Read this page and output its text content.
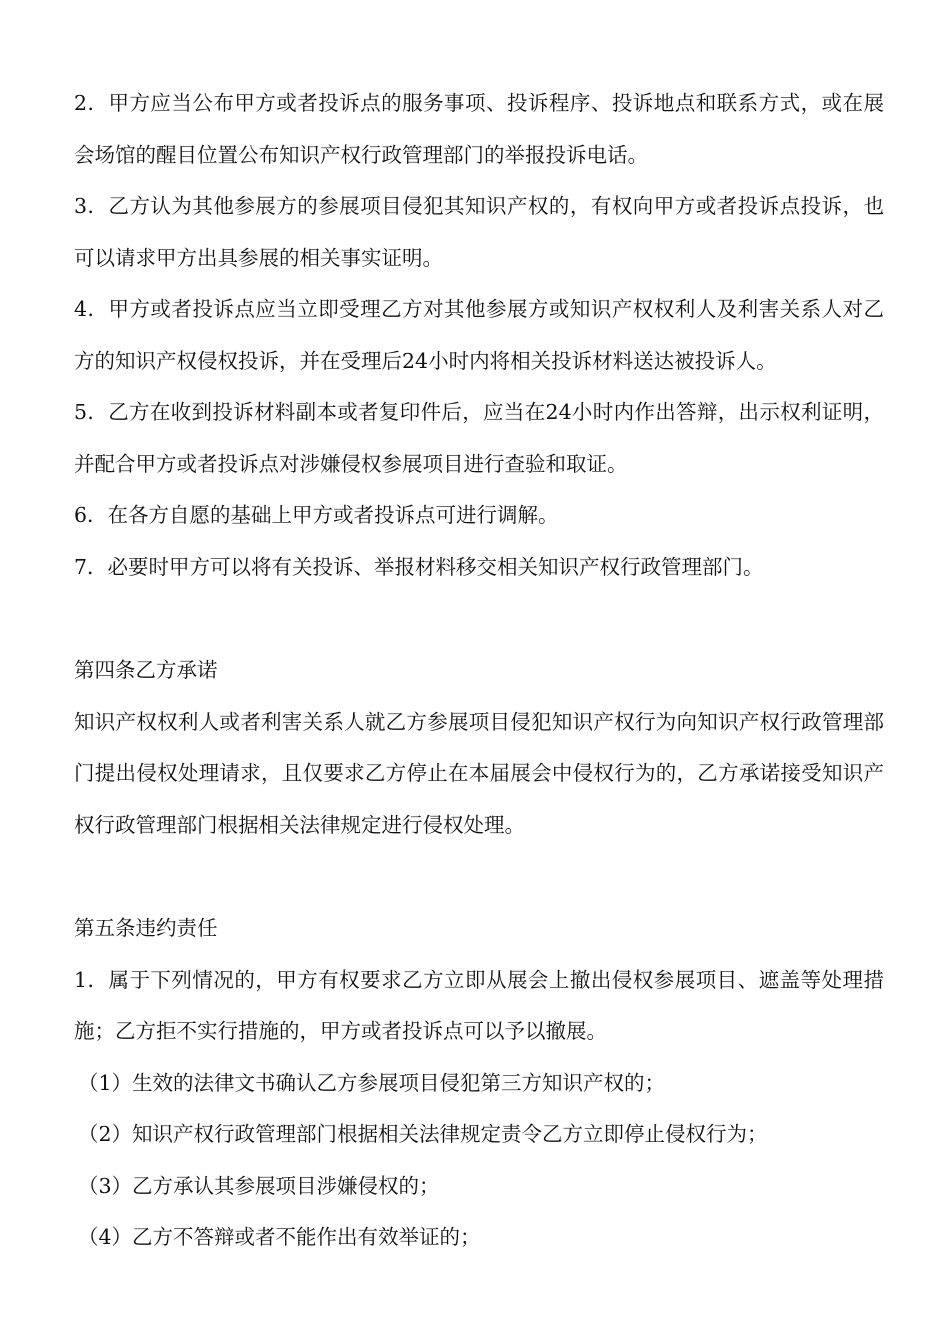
2．甲方应当公布甲方或者投诉点的服务事项、投诉程序、投诉地点和联系方式，或在展会场馆的醒目位置公布知识产权行政管理部门的举报投诉电话。

3．乙方认为其他参展方的参展项目侵犯其知识产权的，有权向甲方或者投诉点投诉，也可以请求甲方出具参展的相关事实证明。

4．甲方或者投诉点应当立即受理乙方对其他参展方或知识产权权利人及利害关系人对乙方的知识产权侵权投诉，并在受理后24小时内将相关投诉材料送达被投诉人。

5．乙方在收到投诉材料副本或者复印件后，应当在24小时内作出答辩，出示权利证明，并配合甲方或者投诉点对涉嫌侵权参展项目进行查验和取证。

6．在各方自愿的基础上甲方或者投诉点可进行调解。

7．必要时甲方可以将有关投诉、举报材料移交相关知识产权行政管理部门。

第四条乙方承诺

知识产权权利人或者利害关系人就乙方参展项目侵犯知识产权行为向知识产权行政管理部门提出侵权处理请求，且仅要求乙方停止在本届展会中侵权行为的，乙方承诺接受知识产权行政管理部门根据相关法律规定进行侵权处理。

第五条违约责任

1．属于下列情况的，甲方有权要求乙方立即从展会上撤出侵权参展项目、遮盖等处理措施；乙方拒不实行措施的，甲方或者投诉点可以予以撤展。

（1）生效的法律文书确认乙方参展项目侵犯第三方知识产权的；

（2）知识产权行政管理部门根据相关法律规定责令乙方立即停止侵权行为；

（3）乙方承认其参展项目涉嫌侵权的；

（4）乙方不答辩或者不能作出有效举证的；
